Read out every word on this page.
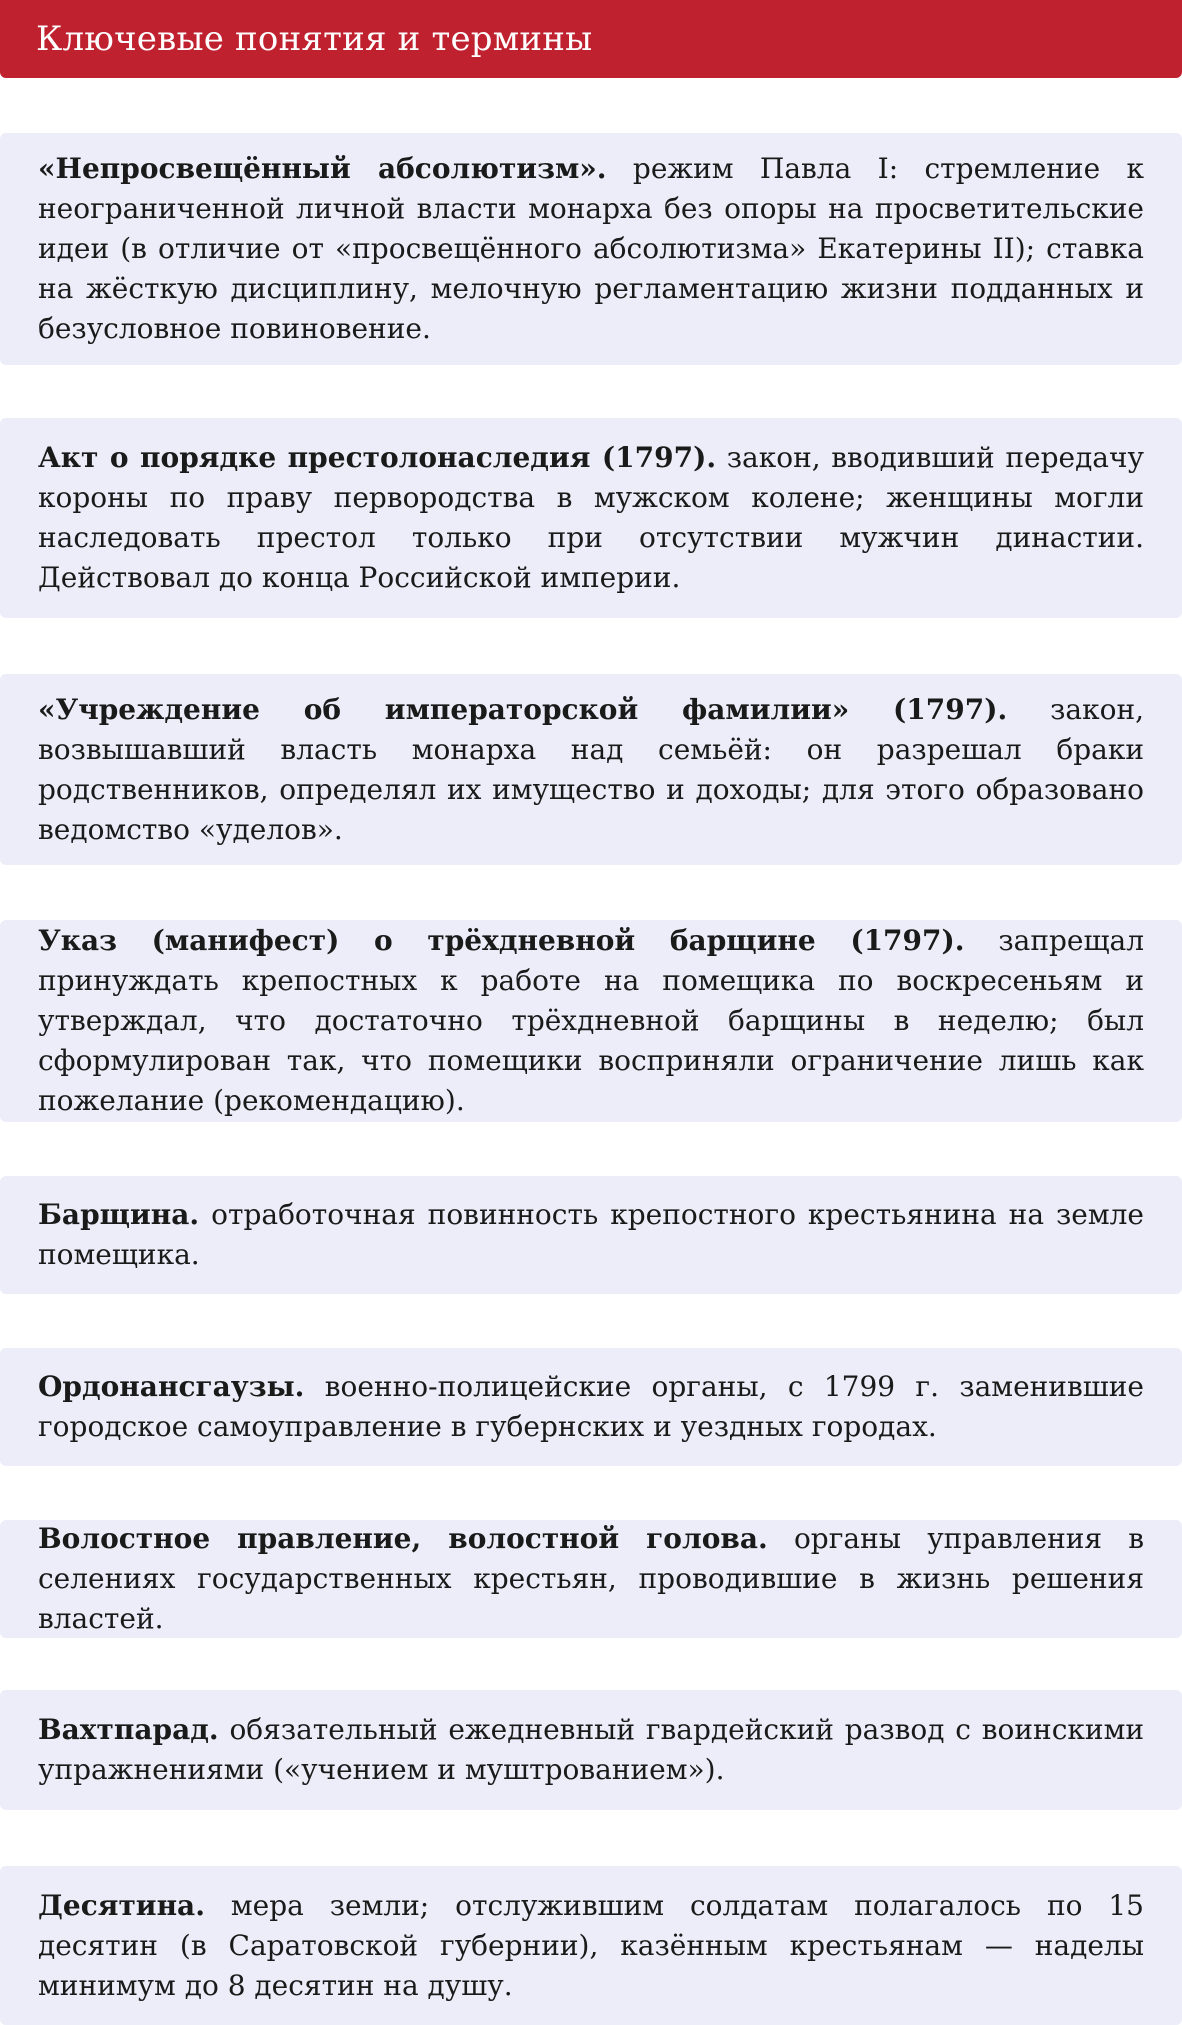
Ключевые понятия и термины
«Непросвещённый абсолютизм». режим Павла I: стремление к неограниченной личной власти монарха без опоры на просветительские идеи (в отличие от «просвещённого абсолютизма» Екатерины II); ставка на жёсткую дисциплину, мелочную регламентацию жизни подданных и безусловное повиновение.
Акт о порядке престолонаследия (1797). закон, вводивший передачу короны по праву первородства в мужском колене; женщины могли наследовать престол только при отсутствии мужчин династии. Действовал до конца Российской империи.
«Учреждение об императорской фамилии» (1797). закон, возвышавший власть монарха над семьёй: он разрешал браки родственников, определял их имущество и доходы; для этого образовано ведомство «уделов».
Указ (манифест) о трёхдневной барщине (1797). запрещал принуждать крепостных к работе на помещика по воскресеньям и утверждал, что достаточно трёхдневной барщины в неделю; был сформулирован так, что помещики восприняли ограничение лишь как пожелание (рекомендацию).
Барщина. отработочная повинность крепостного крестьянина на земле помещика.
Ордонансгаузы. военно-полицейские органы, с 1799 г. заменившие городское самоуправление в губернских и уездных городах.
Волостное правление, волостной голова. органы управления в селениях государственных крестьян, проводившие в жизнь решения властей.
Вахтпарад. обязательный ежедневный гвардейский развод с воинскими упражнениями («учением и муштрованием»).
Десятина. мера земли; отслужившим солдатам полагалось по 15 десятин (в Саратовской губернии), казённым крестьянам — наделы минимум до 8 десятин на душу.
